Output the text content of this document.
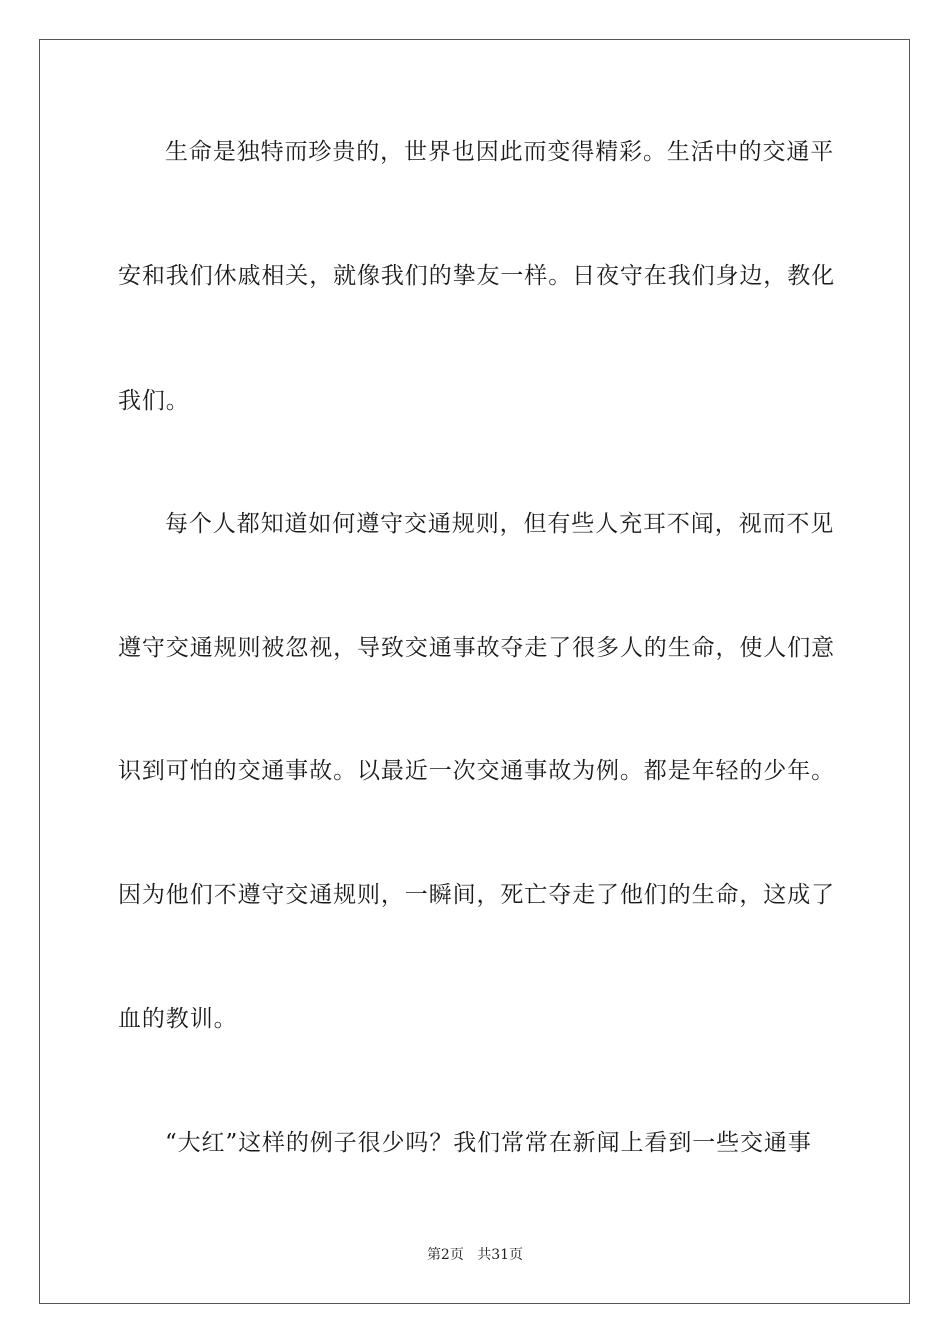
生命是独特而珍贵的，世界也因此而变得精彩。生活中的交通平
安和我们休戚相关，就像我们的挚友一样。日夜守在我们身边，教化
我们。
每个人都知道如何遵守交通规则，但有些人充耳不闻，视而不见
遵守交通规则被忽视，导致交通事故夺走了很多人的生命，使人们意
识到可怕的交通事故。以最近一次交通事故为例。都是年轻的少年。
因为他们不遵守交通规则，一瞬间，死亡夺走了他们的生命，这成了
血的教训。
“大红”这样的例子很少吗？我们常常在新闻上看到一些交通事
第2页 共31页
